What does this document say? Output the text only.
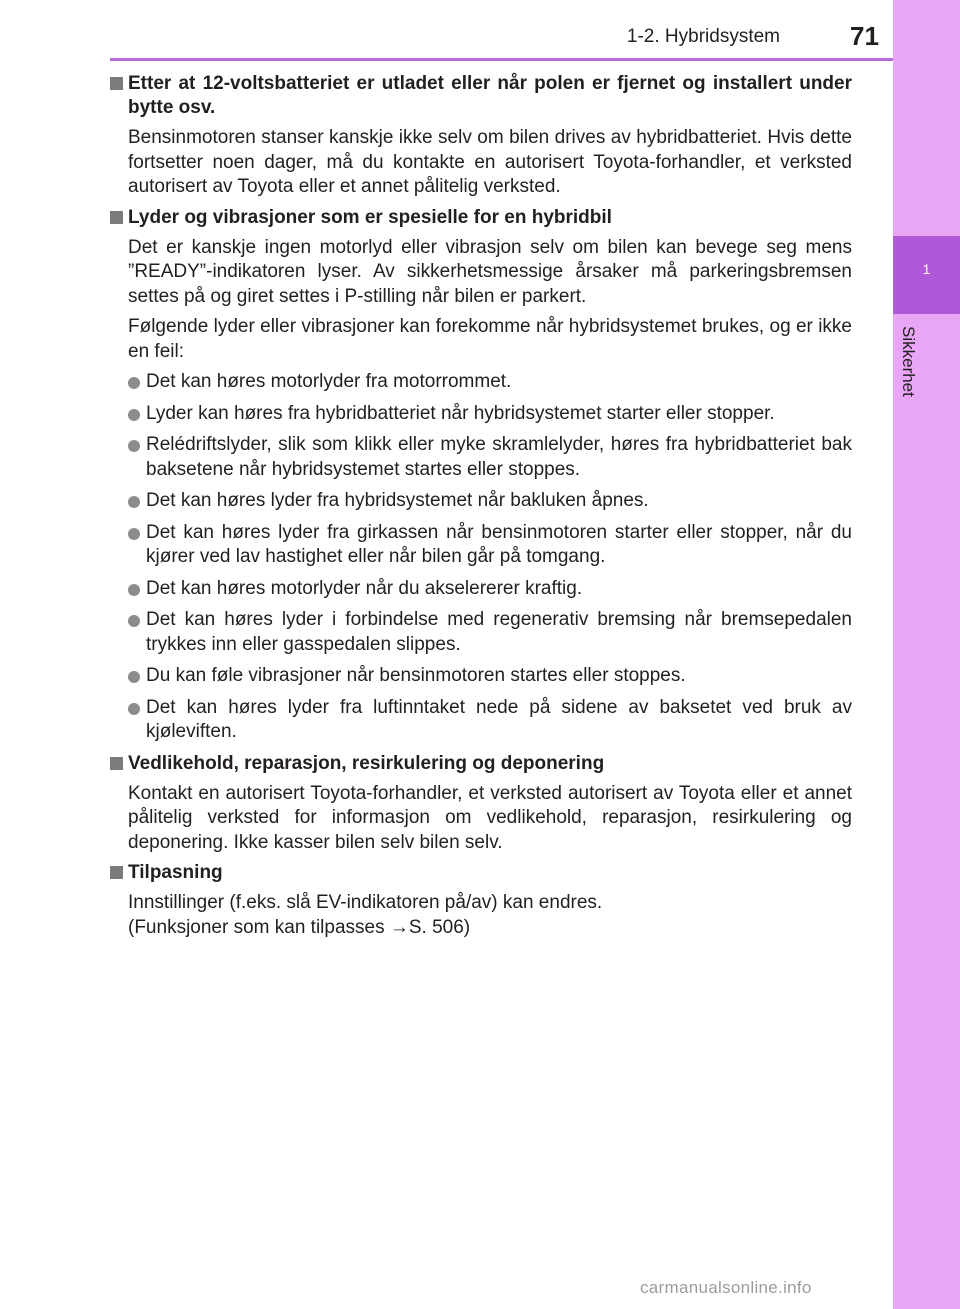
1
Sikkerhet
1-2. Hybridsystem	71
Etter at 12-voltsbatteriet er utladet eller når polen er fjernet og installert under bytte osv.

Bensinmotoren stanser kanskje ikke selv om bilen drives av hybridbatteriet. Hvis dette fortsetter noen dager, må du kontakte en autorisert Toyota-forhandler, et verksted autorisert av Toyota eller et annet pålitelig verksted.

Lyder og vibrasjoner som er spesielle for en hybridbil

Det er kanskje ingen motorlyd eller vibrasjon selv om bilen kan bevege seg mens ”READY”-indikatoren lyser. Av sikkerhetsmessige årsaker må parkeringsbremsen settes på og giret settes i P-stilling når bilen er parkert.

Følgende lyder eller vibrasjoner kan forekomme når hybridsystemet brukes, og er ikke en feil:

Det kan høres motorlyder fra motorrommet.
Lyder kan høres fra hybridbatteriet når hybridsystemet starter eller stopper.
Relédriftslyder, slik som klikk eller myke skramlelyder, høres fra hybridbatteriet bak baksetene når hybridsystemet startes eller stoppes.
Det kan høres lyder fra hybridsystemet når bakluken åpnes.
Det kan høres lyder fra girkassen når bensinmotoren starter eller stopper, når du kjører ved lav hastighet eller når bilen går på tomgang.
Det kan høres motorlyder når du akselererer kraftig.
Det kan høres lyder i forbindelse med regenerativ bremsing når bremsepedalen trykkes inn eller gasspedalen slippes.
Du kan føle vibrasjoner når bensinmotoren startes eller stoppes.
Det kan høres lyder fra luftinntaket nede på sidene av baksetet ved bruk av kjøleviften.
Vedlikehold, reparasjon, resirkulering og deponering

Kontakt en autorisert Toyota-forhandler, et verksted autorisert av Toyota eller et annet pålitelig verksted for informasjon om vedlikehold, reparasjon, resirkulering og deponering. Ikke kasser bilen selv bilen selv.

Tilpasning
Innstillinger (f.eks. slå EV-indikatoren på/av) kan endres.
(Funksjoner som kan tilpasses →S. 506)
carmanualsonline.info
